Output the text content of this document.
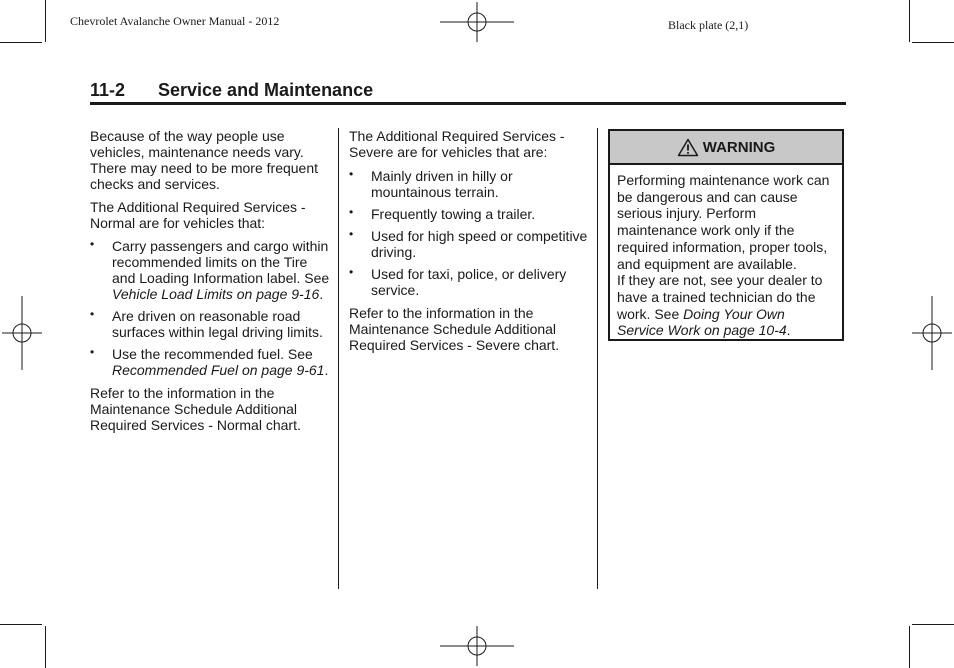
Chevrolet Avalanche Owner Manual - 2012	Black plate (2,1)
11-2 Service and Maintenance

Because of the way people use vehicles, maintenance needs vary. There may need to be more frequent checks and services.

The Additional Required Services - Normal are for vehicles that:

• Carry passengers and cargo within recommended limits on the Tire and Loading Information label. See Vehicle Load Limits on page 9-16.
• Are driven on reasonable road surfaces within legal driving limits.
• Use the recommended fuel. See Recommended Fuel on page 9-61.

Refer to the information in the Maintenance Schedule Additional Required Services - Normal chart.

The Additional Required Services - Severe are for vehicles that are:

• Mainly driven in hilly or mountainous terrain.
• Frequently towing a trailer.
• Used for high speed or competitive driving.
• Used for taxi, police, or delivery service.

Refer to the information in the Maintenance Schedule Additional Required Services - Severe chart.

WARNING

Performing maintenance work can be dangerous and can cause serious injury. Perform maintenance work only if the required information, proper tools, and equipment are available.

If they are not, see your dealer to have a trained technician do the work. See Doing Your Own Service Work on page 10-4.
